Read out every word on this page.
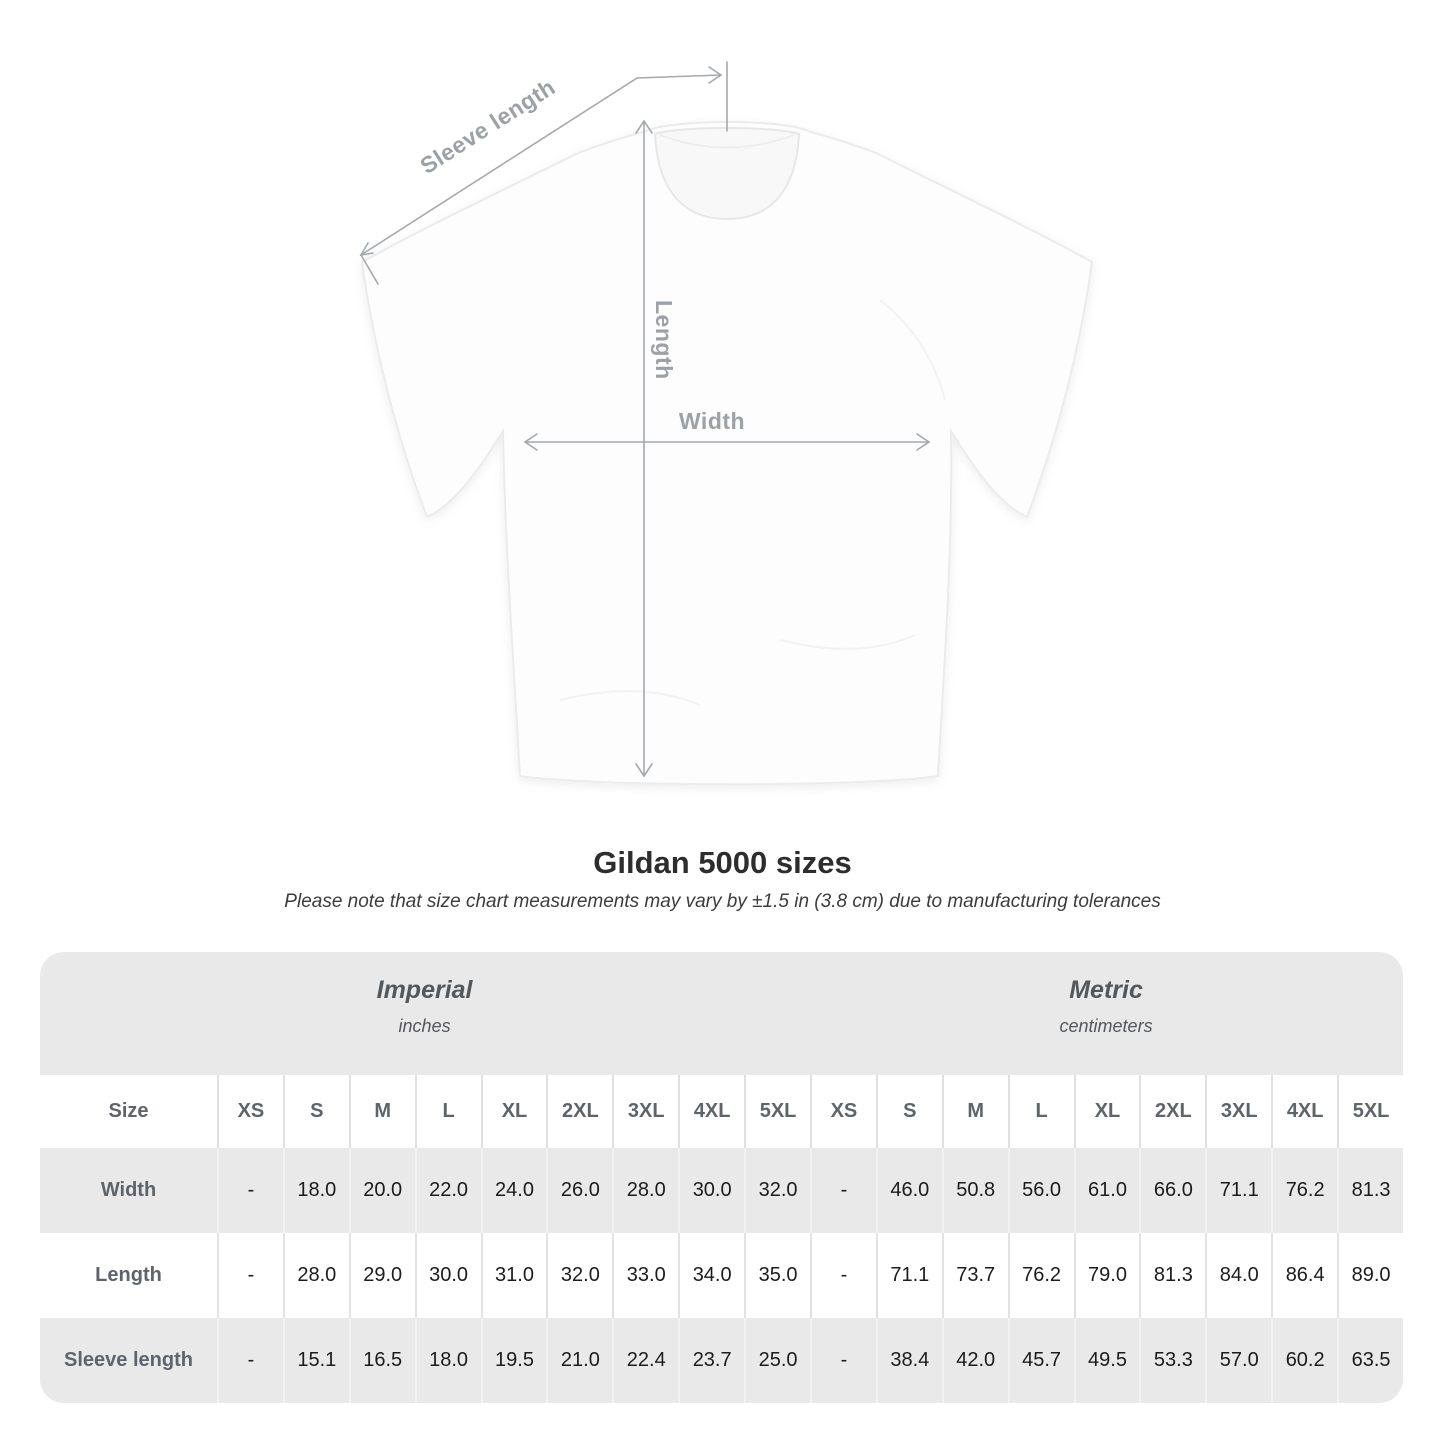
Sleeve length
Length
Width
Gildan 5000 sizes

Please note that size chart measurements may vary by ±1.5 in (3.8 cm) due to manufacturing tolerances

Imperial
inches
Metric
centimeters
Size	XS	S	M	L	XL	2XL	3XL	4XL	5XL	XS	S	M	L	XL	2XL	3XL	4XL	5XL
Width	-	18.0	20.0	22.0	24.0	26.0	28.0	30.0	32.0	-	46.0	50.8	56.0	61.0	66.0	71.1	76.2	81.3
Length	-	28.0	29.0	30.0	31.0	32.0	33.0	34.0	35.0	-	71.1	73.7	76.2	79.0	81.3	84.0	86.4	89.0
Sleeve length	-	15.1	16.5	18.0	19.5	21.0	22.4	23.7	25.0	-	38.4	42.0	45.7	49.5	53.3	57.0	60.2	63.5
